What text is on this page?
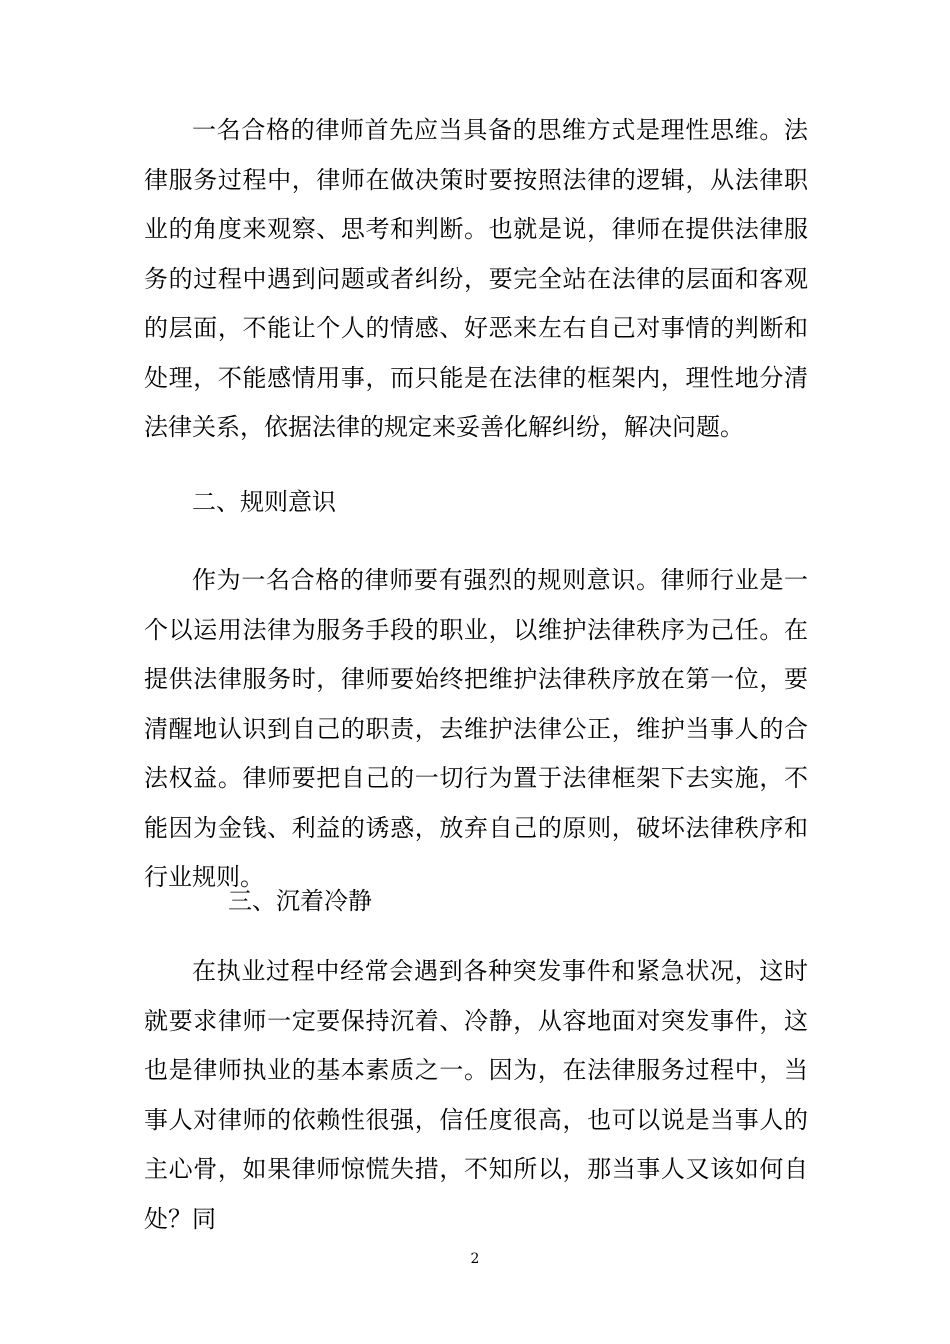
一名合格的律师首先应当具备的思维方式是理性思维。法律服务过程中，律师在做决策时要按照法律的逻辑，从法律职业的角度来观察、思考和判断。也就是说，律师在提供法律服务的过程中遇到问题或者纠纷，要完全站在法律的层面和客观的层面，不能让个人的情感、好恶来左右自己对事情的判断和处理，不能感情用事，而只能是在法律的框架内，理性地分清法律关系，依据法律的规定来妥善化解纠纷，解决问题。

二、规则意识

作为一名合格的律师要有强烈的规则意识。律师行业是一个以运用法律为服务手段的职业，以维护法律秩序为己任。在提供法律服务时，律师要始终把维护法律秩序放在第一位，要清醒地认识到自己的职责，去维护法律公正，维护当事人的合法权益。律师要把自己的一切行为置于法律框架下去实施，不能因为金钱、利益的诱惑，放弃自己的原则，破坏法律秩序和行业规则。

三、沉着冷静

在执业过程中经常会遇到各种突发事件和紧急状况，这时就要求律师一定要保持沉着、冷静，从容地面对突发事件，这也是律师执业的基本素质之一。因为，在法律服务过程中，当事人对律师的依赖性很强，信任度很高，也可以说是当事人的主心骨，如果律师惊慌失措，不知所以，那当事人又该如何自处？同

2
